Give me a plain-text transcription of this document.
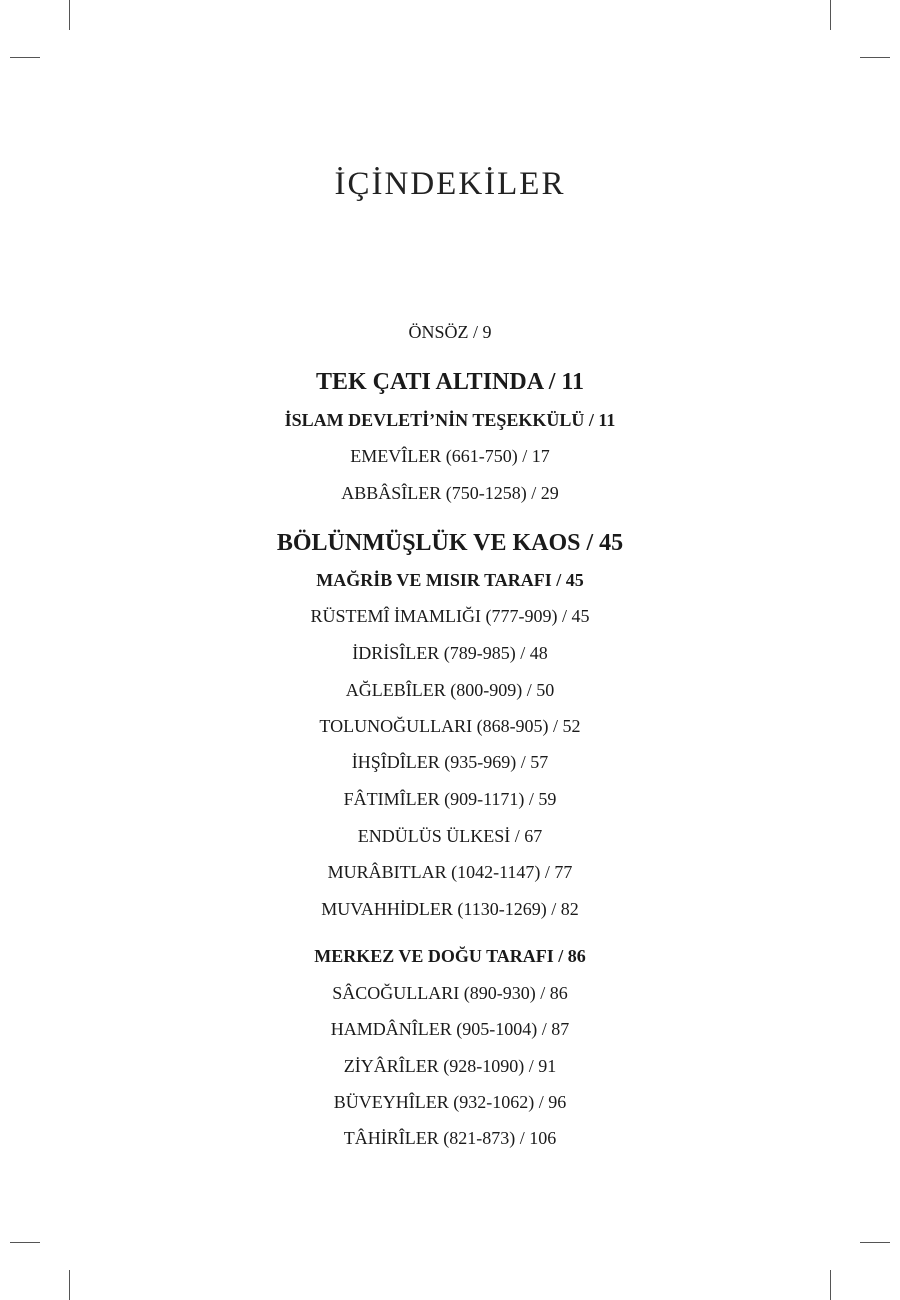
İÇİNDEKİLER
ÖNSÖZ / 9
TEK ÇATI ALTINDA / 11
İSLAM DEVLETİ’NİN TEŞEKKÜLÜ / 11
EMEVÎLER (661-750) / 17
ABBÂSÎLER (750-1258) / 29
BÖLÜNMÜŞLÜK VE KAOS / 45
MAĞRİB VE MISIR TARAFI / 45
RÜSTEMÎ İMAMLIĞI (777-909) / 45
İDRİSÎLER (789-985) / 48
AĞLEBÎLER (800-909) / 50
TOLUNOĞULLARI (868-905) / 52
İHŞÎDÎLER (935-969) / 57
FÂTIMÎLER (909-1171) / 59
ENDÜLÜS ÜLKESİ / 67
MURÂBITLAR (1042-1147) / 77
MUVAHHİDLER (1130-1269) / 82
MERKEZ VE DOĞU TARAFI / 86
SÂCOĞULLARI (890-930) / 86
HAMDÂNÎLER (905-1004) / 87
ZİYÂRÎLER (928-1090) / 91
BÜVEYHÎLER (932-1062) / 96
TÂHİRÎLER (821-873) / 106
